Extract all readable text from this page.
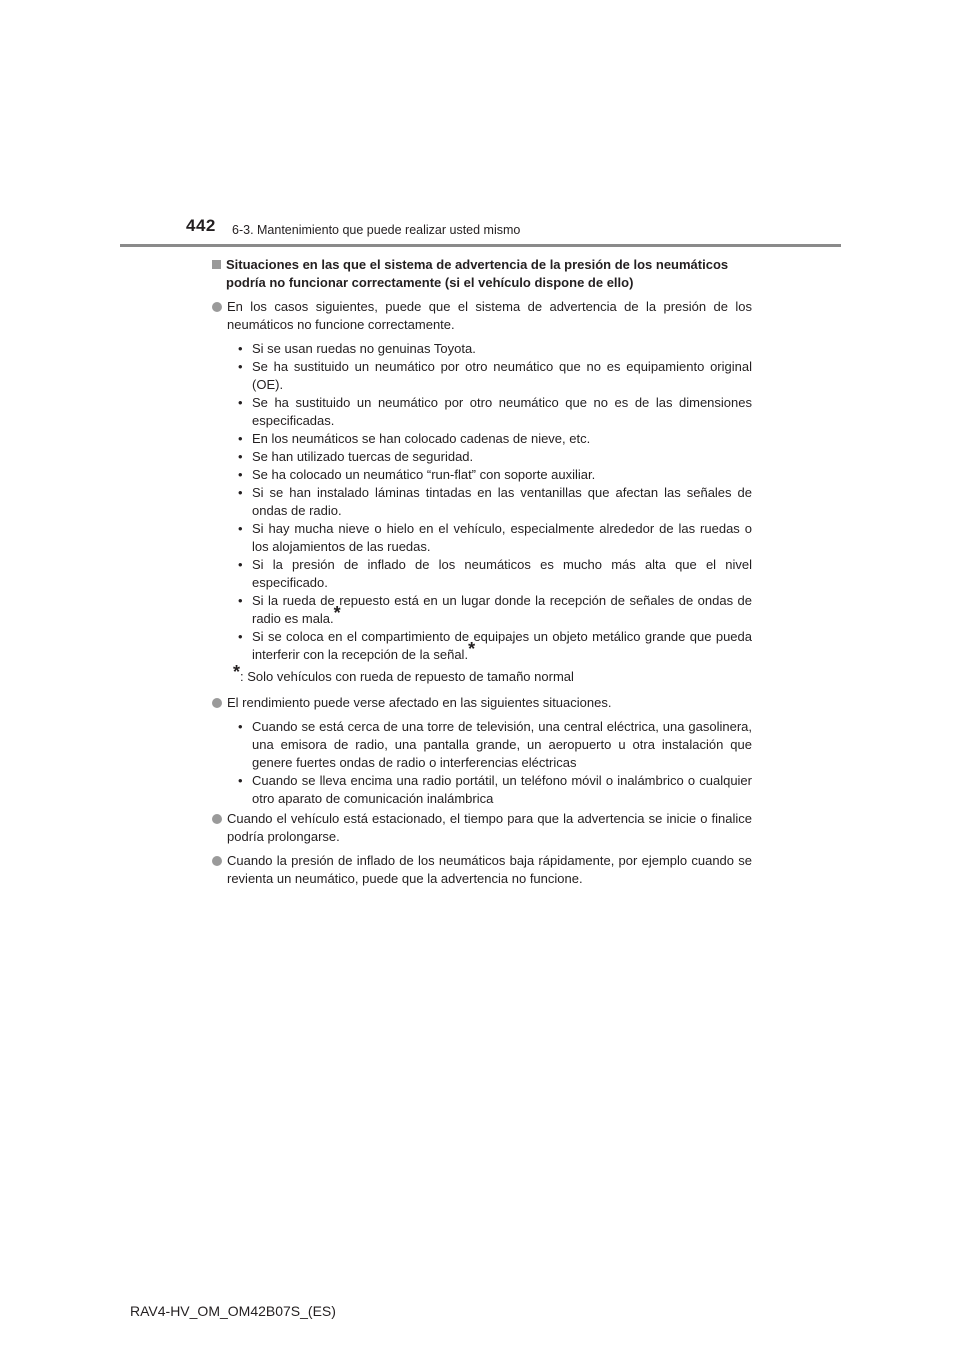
442 6-3. Mantenimiento que puede realizar usted mismo
Situaciones en las que el sistema de advertencia de la presión de los neumáticos podría no funcionar correctamente (si el vehículo dispone de ello)
En los casos siguientes, puede que el sistema de advertencia de la presión de los neumáticos no funcione correctamente.
• Si se usan ruedas no genuinas Toyota.
• Se ha sustituido un neumático por otro neumático que no es equipamiento original (OE).
• Se ha sustituido un neumático por otro neumático que no es de las dimensiones especificadas.
• En los neumáticos se han colocado cadenas de nieve, etc.
• Se han utilizado tuercas de seguridad.
• Se ha colocado un neumático “run-flat” con soporte auxiliar.
• Si se han instalado láminas tintadas en las ventanillas que afectan las señales de ondas de radio.
• Si hay mucha nieve o hielo en el vehículo, especialmente alrededor de las ruedas o los alojamientos de las ruedas.
• Si la presión de inflado de los neumáticos es mucho más alta que el nivel especificado.
• Si la rueda de repuesto está en un lugar donde la recepción de señales de ondas de radio es mala.*
• Si se coloca en el compartimiento de equipajes un objeto metálico grande que pueda interferir con la recepción de la señal.*
*: Solo vehículos con rueda de repuesto de tamaño normal
El rendimiento puede verse afectado en las siguientes situaciones.
• Cuando se está cerca de una torre de televisión, una central eléctrica, una gasolinera, una emisora de radio, una pantalla grande, un aeropuerto u otra instalación que genere fuertes ondas de radio o interferencias eléctricas
• Cuando se lleva encima una radio portátil, un teléfono móvil o inalámbrico o cualquier otro aparato de comunicación inalámbrica
Cuando el vehículo está estacionado, el tiempo para que la advertencia se inicie o finalice podría prolongarse.
Cuando la presión de inflado de los neumáticos baja rápidamente, por ejemplo cuando se revienta un neumático, puede que la advertencia no funcione.
RAV4-HV_OM_OM42B07S_(ES)
